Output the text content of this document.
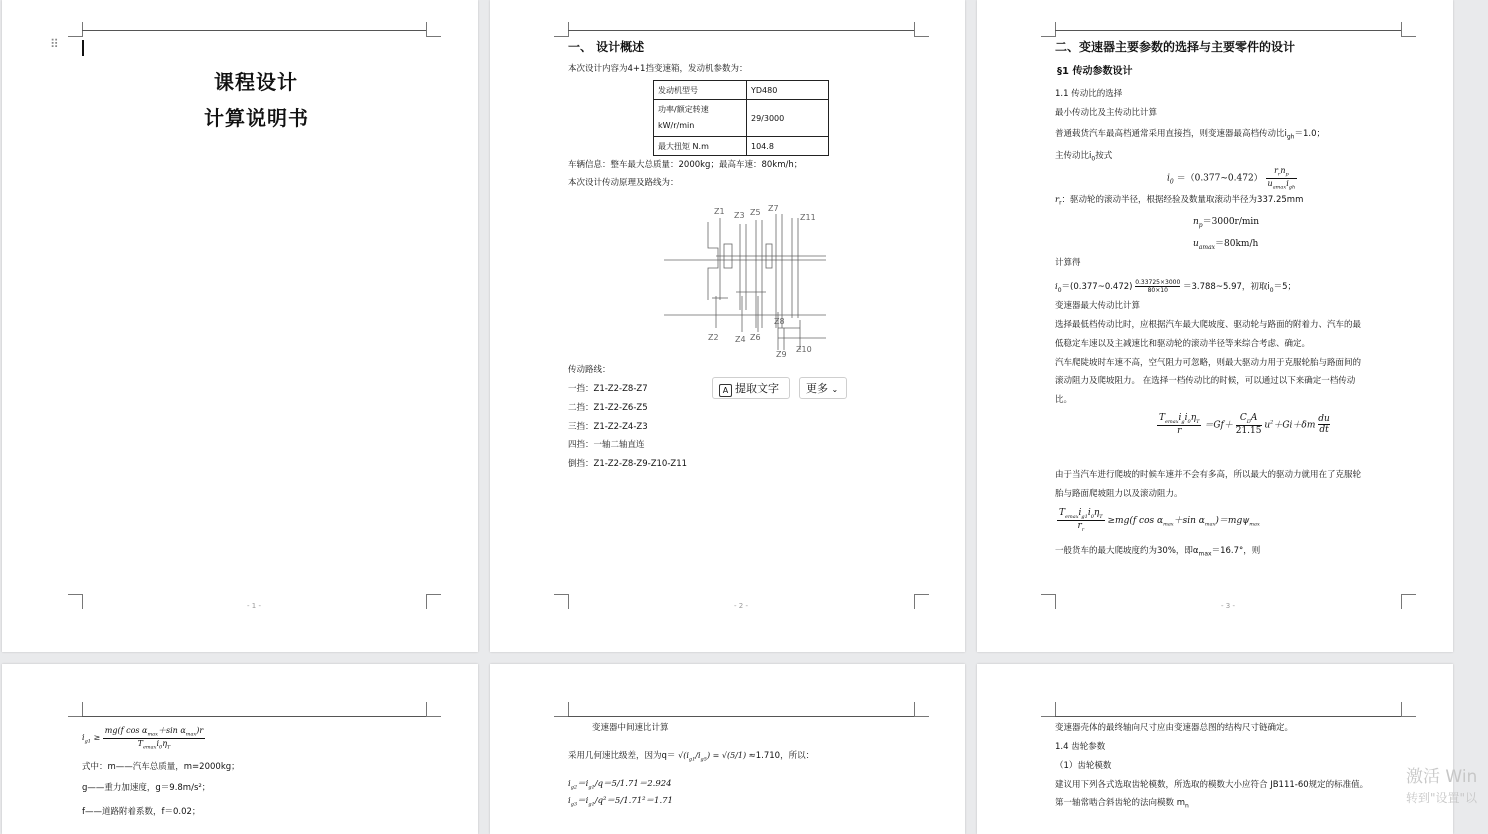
⠿
课程设计
计算说明书
- 1 -
一、 设计概述
本次设计内容为4+1挡变速箱，发动机参数为：
发动机型号	YD480
功率/额定转速 kW/r/min	29/3000
最大扭矩 N.m	104.8
车辆信息：整车最大总质量：2000kg；最高车速：80km/h；
本次设计传动原理及路线为：
Z1 Z3 Z5 Z7
Z11
Z2 Z4 Z6
Z8
Z9
Z10
传动路线：
一挡：Z1-Z2-Z8-Z7
二挡：Z1-Z2-Z6-Z5
三挡：Z1-Z2-Z4-Z3
四挡：一轴二轴直连
倒挡：Z1-Z2-Z8-Z9-Z10-Z11
- 2 -
A 提取文字	更多 ⌄
二、变速器主要参数的选择与主要零件的设计
§1 传动参数设计
1.1 传动比的选择
最小传动比及主传动比计算
普通载货汽车最高档通常采用直接挡，则变速器最高档传动比$i_{gh}=1.0$；
主传动比$i_0$按式
$i_0$ ＝（0.377~0.472）
$r_rn_p$
$u_{amax}i_{gh}$
$r_r$：驱动轮的滚动半径，根据经验及数量取滚动半径为337.25mm
$n_p=3000r/\min$
$u_{amax}=80km/h$
计算得
$i_0=(0.377\sim 0.472) \frac{0.33725\times 3000}{80\times 10}$ ＝3.788~5.97，初取$i_0=5$；
变速器最大传动比计算
选择最低档传动比时，应根据汽车最大爬坡度、驱动轮与路面的附着力、汽车的最
低稳定车速以及主减速比和驱动轮的滚动半径等来综合考虑、确定。
汽车爬陡坡时车速不高，空气阻力可忽略，则最大驱动力用于克服轮胎与路面间的
滚动阻力及爬坡阻力。 在选择一档传动比的时候，可以通过以下来确定一档传动
比。
$T_{emax}i_gi_0\eta_T$
r
＝Gf＋
$C_DA$
21.15
$u^2+Gi+\delta m \frac{du}{dt}$
由于当汽车进行爬坡的时候车速并不会有多高，所以最大的驱动力就用在了克服轮
胎与路面爬坡阻力以及滚动阻力。
$T_{emax}i_{g1}i_0\eta_T$
$r_r$
≥mg(f $\cos \alpha_{max}+\sin$ $\alpha_{max})=mg\psi_{max}$
一般货车的最大爬坡度约为30%，即$\alpha_{max}=16.7^\circ$，则
- 3 -
$i_{g1}$ ≥
mg(f $\cos \alpha_{max}+\sin$ $\alpha_{max})r$
$T_{emax}i_0\eta_T$
式中：m——汽车总质量，m=2000kg；
g——重力加速度，g＝9.8m/s²；
f——道路附着系数，f＝0.02；
变速器中间速比计算
采用几何速比级差，因为$q= √(i_{g1}/i_{g5}) = √(5/1) \approx 1.710$，所以：
$i_{g2}=i_{g1}/q=5/1.71=2.924$
$i_{g3}=i_{g1}/q^2=5/1.71^2=1.71$
变速器壳体的最终轴向尺寸应由变速器总图的结构尺寸链确定。
1.4 齿轮参数
（1）齿轮模数
建议用下列各式选取齿轮模数，所选取的模数大小应符合 JB111-60规定的标准值。
第一轴常啮合斜齿轮的法向模数 $m_n$
激活 Win
转到"设置"以
